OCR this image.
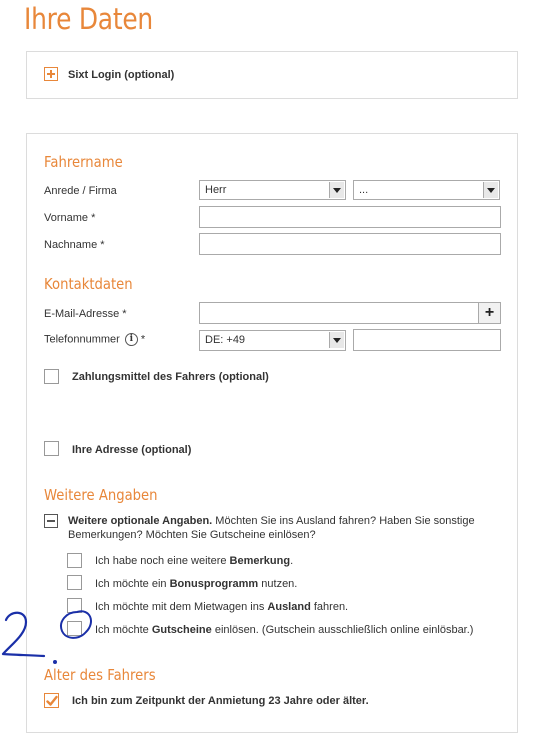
Ihre Daten
Sixt Login (optional)
Fahrername
Anrede / Firma	Herr	...
Vorname *
Nachname *
Kontaktdaten
E-Mail-Adresse *	+
Telefonnummer i *	DE: +49
Zahlungsmittel des Fahrers (optional)
Ihre Adresse (optional)
Weitere Angaben
Weitere optionale Angaben. Möchten Sie ins Ausland fahren? Haben Sie sonstige Bemerkungen? Möchten Sie Gutscheine einlösen?
Ich habe noch eine weitere Bemerkung.
Ich möchte ein Bonusprogramm nutzen.
Ich möchte mit dem Mietwagen ins Ausland fahren.
Ich möchte Gutscheine einlösen. (Gutschein ausschließlich online einlösbar.)
Alter des Fahrers
Ich bin zum Zeitpunkt der Anmietung 23 Jahre oder älter.
